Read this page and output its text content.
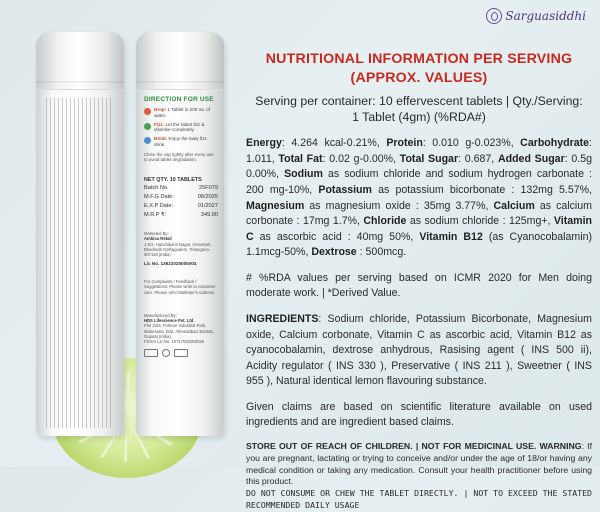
Sarguasiddhi
DIRECTION FOR USE
Drop: 1 Tablet in 200 mL of water.
Fizz: Let the tablet fizz & dissolve completely.
Drink: Enjoy the tasty fizz drink.
Close the cap tightly after every use to avoid tablet degradation.
NET QTY. 10 TABLETS
Batch No.	25F079
M.F.G Date:	08/2025
E.X.P Date:	01/2027
M.R.P ₹:	349.00
Marketed By:
Ambica Retail
1-5/2, Hanchikanti Nagar, Ameerpet, Bhadradri Kothagudem, Telangana-507118 (India)
Lic No. 13622025000004
For Complaints / Feedback / Suggestions: Please write to customer care. Please refer Marketer's Address.
Manufactured By:
HDS Lifescience Pvt. Ltd
Plot 22/3, Fortune Industrial Park, Mahesana, Dist. Ahmedabad 382481, Gujarat (India)
FSSAI Lic No. 10717022000028
NUTRITIONAL INFORMATION PER SERVING
(APPROX. VALUES)
Serving per container: 10 effervescent tablets | Qty./Serving:
1 Tablet (4gm) (%RDA#)

Energy: 4.264 kcal-0.21%, Protein: 0.010 g-0.023%, Carbohydrate: 1.011, Total Fat: 0.02 g-0.00%, Total Sugar: 0.687, Added Sugar: 0.5g 0.00%, Sodium as sodium chloride and sodium hydrogen carbonate : 200 mg-10%, Potassium as potassium bicorbonate : 132mg 5.57%, Magnesium as magnesium oxide : 35mg 3.77%, Calcium as calcium corbonate : 17mg 1.7%, Chloride as sodium chloride : 125mg+, Vitamin C as ascorbic acid : 40mg 50%, Vitamin B12 (as Cyanocobalamin) 1.1mcg-50%, Dextrose : 500mcg.

# %RDA values per serving based on ICMR 2020 for Men doing moderate work. | *Derived Value.

INGREDIENTS: Sodium chloride, Potassium Bicorbonate, Magnesium oxide, Calcium corbonate, Vitamin C as ascorbic acid, Vitamin B12 as cyanocobalamin, dextrose anhydrous, Rasising agent ( INS 500 ii), Acidity regulator ( INS 330 ), Preservative ( INS 211 ), Sweetner ( INS 955 ), Natural identical lemon flavouring substance.

Given claims are based on scientific literature available on used ingredients and are ingredient based claims.

STORE OUT OF REACH OF CHILDREN. | NOT FOR MEDICINAL USE. WARNING: If you are pregnant, lactating or trying to conceive and/or under the age of 18/or having any medical condition or taking any medication. Consult your health practitioner before using this product.
DO NOT CONSUME OR CHEW THE TABLET DIRECTLY. | NOT TO EXCEED THE STATED RECOMMENDED DAILY USAGE
